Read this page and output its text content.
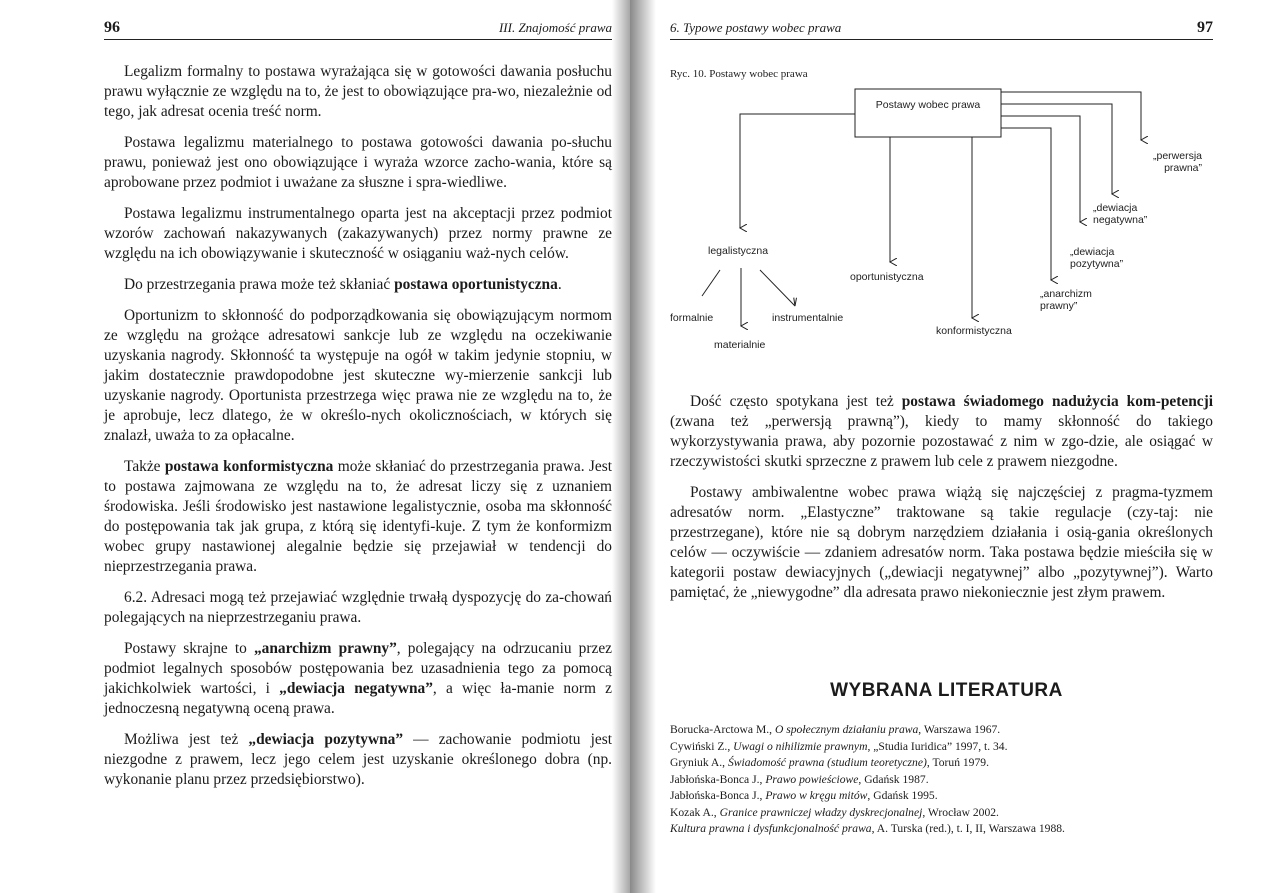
96	III. Znajomość prawa

Legalizm formalny to postawa wyrażająca się w gotowości dawania posłuchu prawu wyłącznie ze względu na to, że jest to obowiązujące pra-wo, niezależnie od tego, jak adresat ocenia treść norm.

Postawa legalizmu materialnego to postawa gotowości dawania po-słuchu prawu, ponieważ jest ono obowiązujące i wyraża wzorce zacho-wania, które są aprobowane przez podmiot i uważane za słuszne i spra-wiedliwe.

Postawa legalizmu instrumentalnego oparta jest na akceptacji przez podmiot wzorów zachowań nakazywanych (zakazywanych) przez normy prawne ze względu na ich obowiązywanie i skuteczność w osiąganiu waż-nych celów.

Do przestrzegania prawa może też skłaniać postawa oportunistyczna.

Oportunizm to skłonność do podporządkowania się obowiązującym normom ze względu na grożące adresatowi sankcje lub ze względu na oczekiwanie uzyskania nagrody. Skłonność ta występuje na ogół w takim jedynie stopniu, w jakim dostatecznie prawdopodobne jest skuteczne wy-mierzenie sankcji lub uzyskanie nagrody. Oportunista przestrzega więc prawa nie ze względu na to, że je aprobuje, lecz dlatego, że w określo-nych okolicznościach, w których się znalazł, uważa to za opłacalne.

Także postawa konformistyczna może skłaniać do przestrzegania prawa. Jest to postawa zajmowana ze względu na to, że adresat liczy się z uznaniem środowiska. Jeśli środowisko jest nastawione legalistycznie, osoba ma skłonność do postępowania tak jak grupa, z którą się identyfi-kuje. Z tym że konformizm wobec grupy nastawionej alegalnie będzie się przejawiał w tendencji do nieprzestrzegania prawa.

6.2. Adresaci mogą też przejawiać względnie trwałą dyspozycję do za-chowań polegających na nieprzestrzeganiu prawa.

Postawy skrajne to „anarchizm prawny”, polegający na odrzucaniu przez podmiot legalnych sposobów postępowania bez uzasadnienia tego za pomocą jakichkolwiek wartości, i „dewiacja negatywna”, a więc ła-manie norm z jednoczesną negatywną oceną prawa.

Możliwa jest też „dewiacja pozytywna” — zachowanie podmiotu jest niezgodne z prawem, lecz jego celem jest uzyskanie określonego dobra (np. wykonanie planu przez przedsiębiorstwo).

6. Typowe postawy wobec prawa	97
Ryc. 10. Postawy wobec prawa
Postawy wobec prawa
legalistyczna
formalnie
materialnie
instrumentalnie
oportunistyczna
konformistyczna
„perwersja prawna”
„dewiacja negatywna”
„dewiacja pozytywna”
„anarchizm prawny”

Dość często spotykana jest też postawa świadomego nadużycia kom-petencji (zwana też „perwersją prawną”), kiedy to mamy skłonność do takiego wykorzystywania prawa, aby pozornie pozostawać z nim w zgo-dzie, ale osiągać w rzeczywistości skutki sprzeczne z prawem lub cele z prawem niezgodne.

Postawy ambiwalentne wobec prawa wiążą się najczęściej z pragma-tyzmem adresatów norm. „Elastyczne” traktowane są takie regulacje (czy-taj: nie przestrzegane), które nie są dobrym narzędziem działania i osią-gania określonych celów — oczywiście — zdaniem adresatów norm. Taka postawa będzie mieściła się w kategorii postaw dewiacyjnych („dewiacji negatywnej” albo „pozytywnej”). Warto pamiętać, że „niewygodne” dla adresata prawo niekoniecznie jest złym prawem.

WYBRANA LITERATURA
Borucka-Arctowa M., O społecznym działaniu prawa, Warszawa 1967.
Cywiński Z., Uwagi o nihilizmie prawnym, „Studia Iuridica” 1997, t. 34.
Gryniuk A., Świadomość prawna (studium teoretyczne), Toruń 1979.
Jabłońska-Bonca J., Prawo powieściowe, Gdańsk 1987.
Jabłońska-Bonca J., Prawo w kręgu mitów, Gdańsk 1995.
Kozak A., Granice prawniczej władzy dyskrecjonalnej, Wrocław 2002.
Kultura prawna i dysfunkcjonalność prawa, A. Turska (red.), t. I, II, Warszawa 1988.
